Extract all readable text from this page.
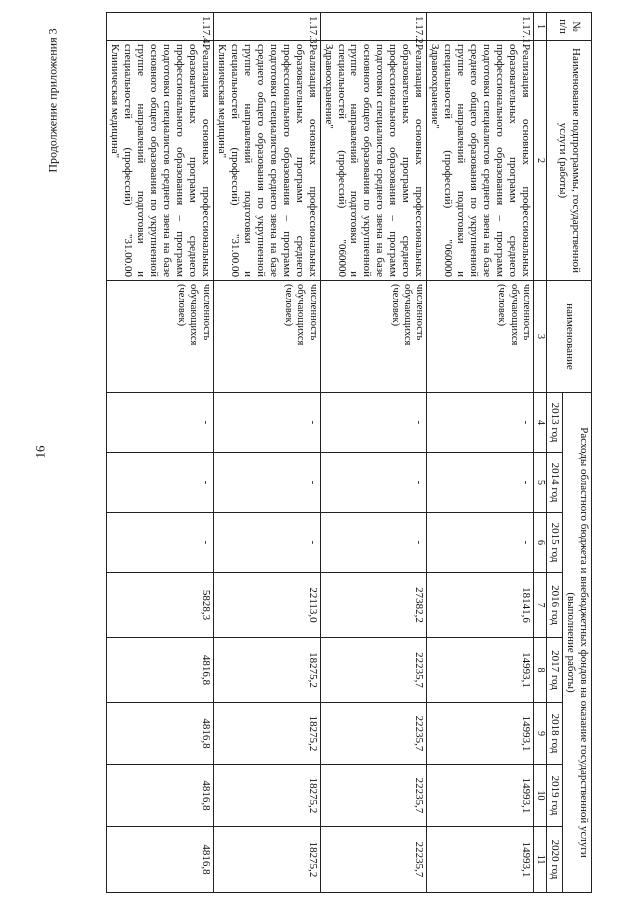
16
Продолжение приложения 3
№ п/п	Наименование подпрограммы, государственной услуги (работы)	наименование	Расходы областного бюджета и внебюджетных фондов на оказание государственной услуги (выполнение работы)							
			2013 год	2014 год	2015 год	2016 год	2017 год	2018 год	2019 год	2020 год

1	2	3	4	5	6	7	8	9	10	11
1.17.1.	Реализация основных профессиональных образовательных программ среднего профессионального образования – программ подготовки специалистов среднего звена на базе среднего общего образования по укрупненной группе направлений подготовки и специальностей (профессий) "060000 Здравоохранение"	численность обучающихся (человек)	-	-	-	18141,6	14993,1	14993,1	14993,1	14993,1
1.17.2.	Реализация основных профессиональных образовательных программ среднего профессионального образования – программ подготовки специалистов среднего звена на базе основного общего образования по укрупненной группе направлений подготовки и специальностей (профессий) "060000 Здравоохранение"	численность обучающихся (человек)	-	-	-	27382,2	22235,7	22235,7	22235,7	22235,7
1.17.3.	Реализация основных профессиональных образовательных программ среднего профессионального образования – программ подготовки специалистов среднего звена на базе среднего общего образования по укрупненной группе направлений подготовки и специальностей (профессий) "31.00.00 Клиническая медицина"	численность обучающихся (человек)	-	-	-	22113,0	18275,2	18275,2	18275,2	18275,2
1.17.4.	Реализация основных профессиональных образовательных программ среднего профессионального образования – программ подготовки специалистов среднего звена на базе основного общего образования по укрупненной группе направлений подготовки и специальностей (профессий) "31.00.00 Клиническая медицина"	численность обучающихся (человек)	-	-	-	5828,3	4816,8	4816,8	4816,8	4816,8
